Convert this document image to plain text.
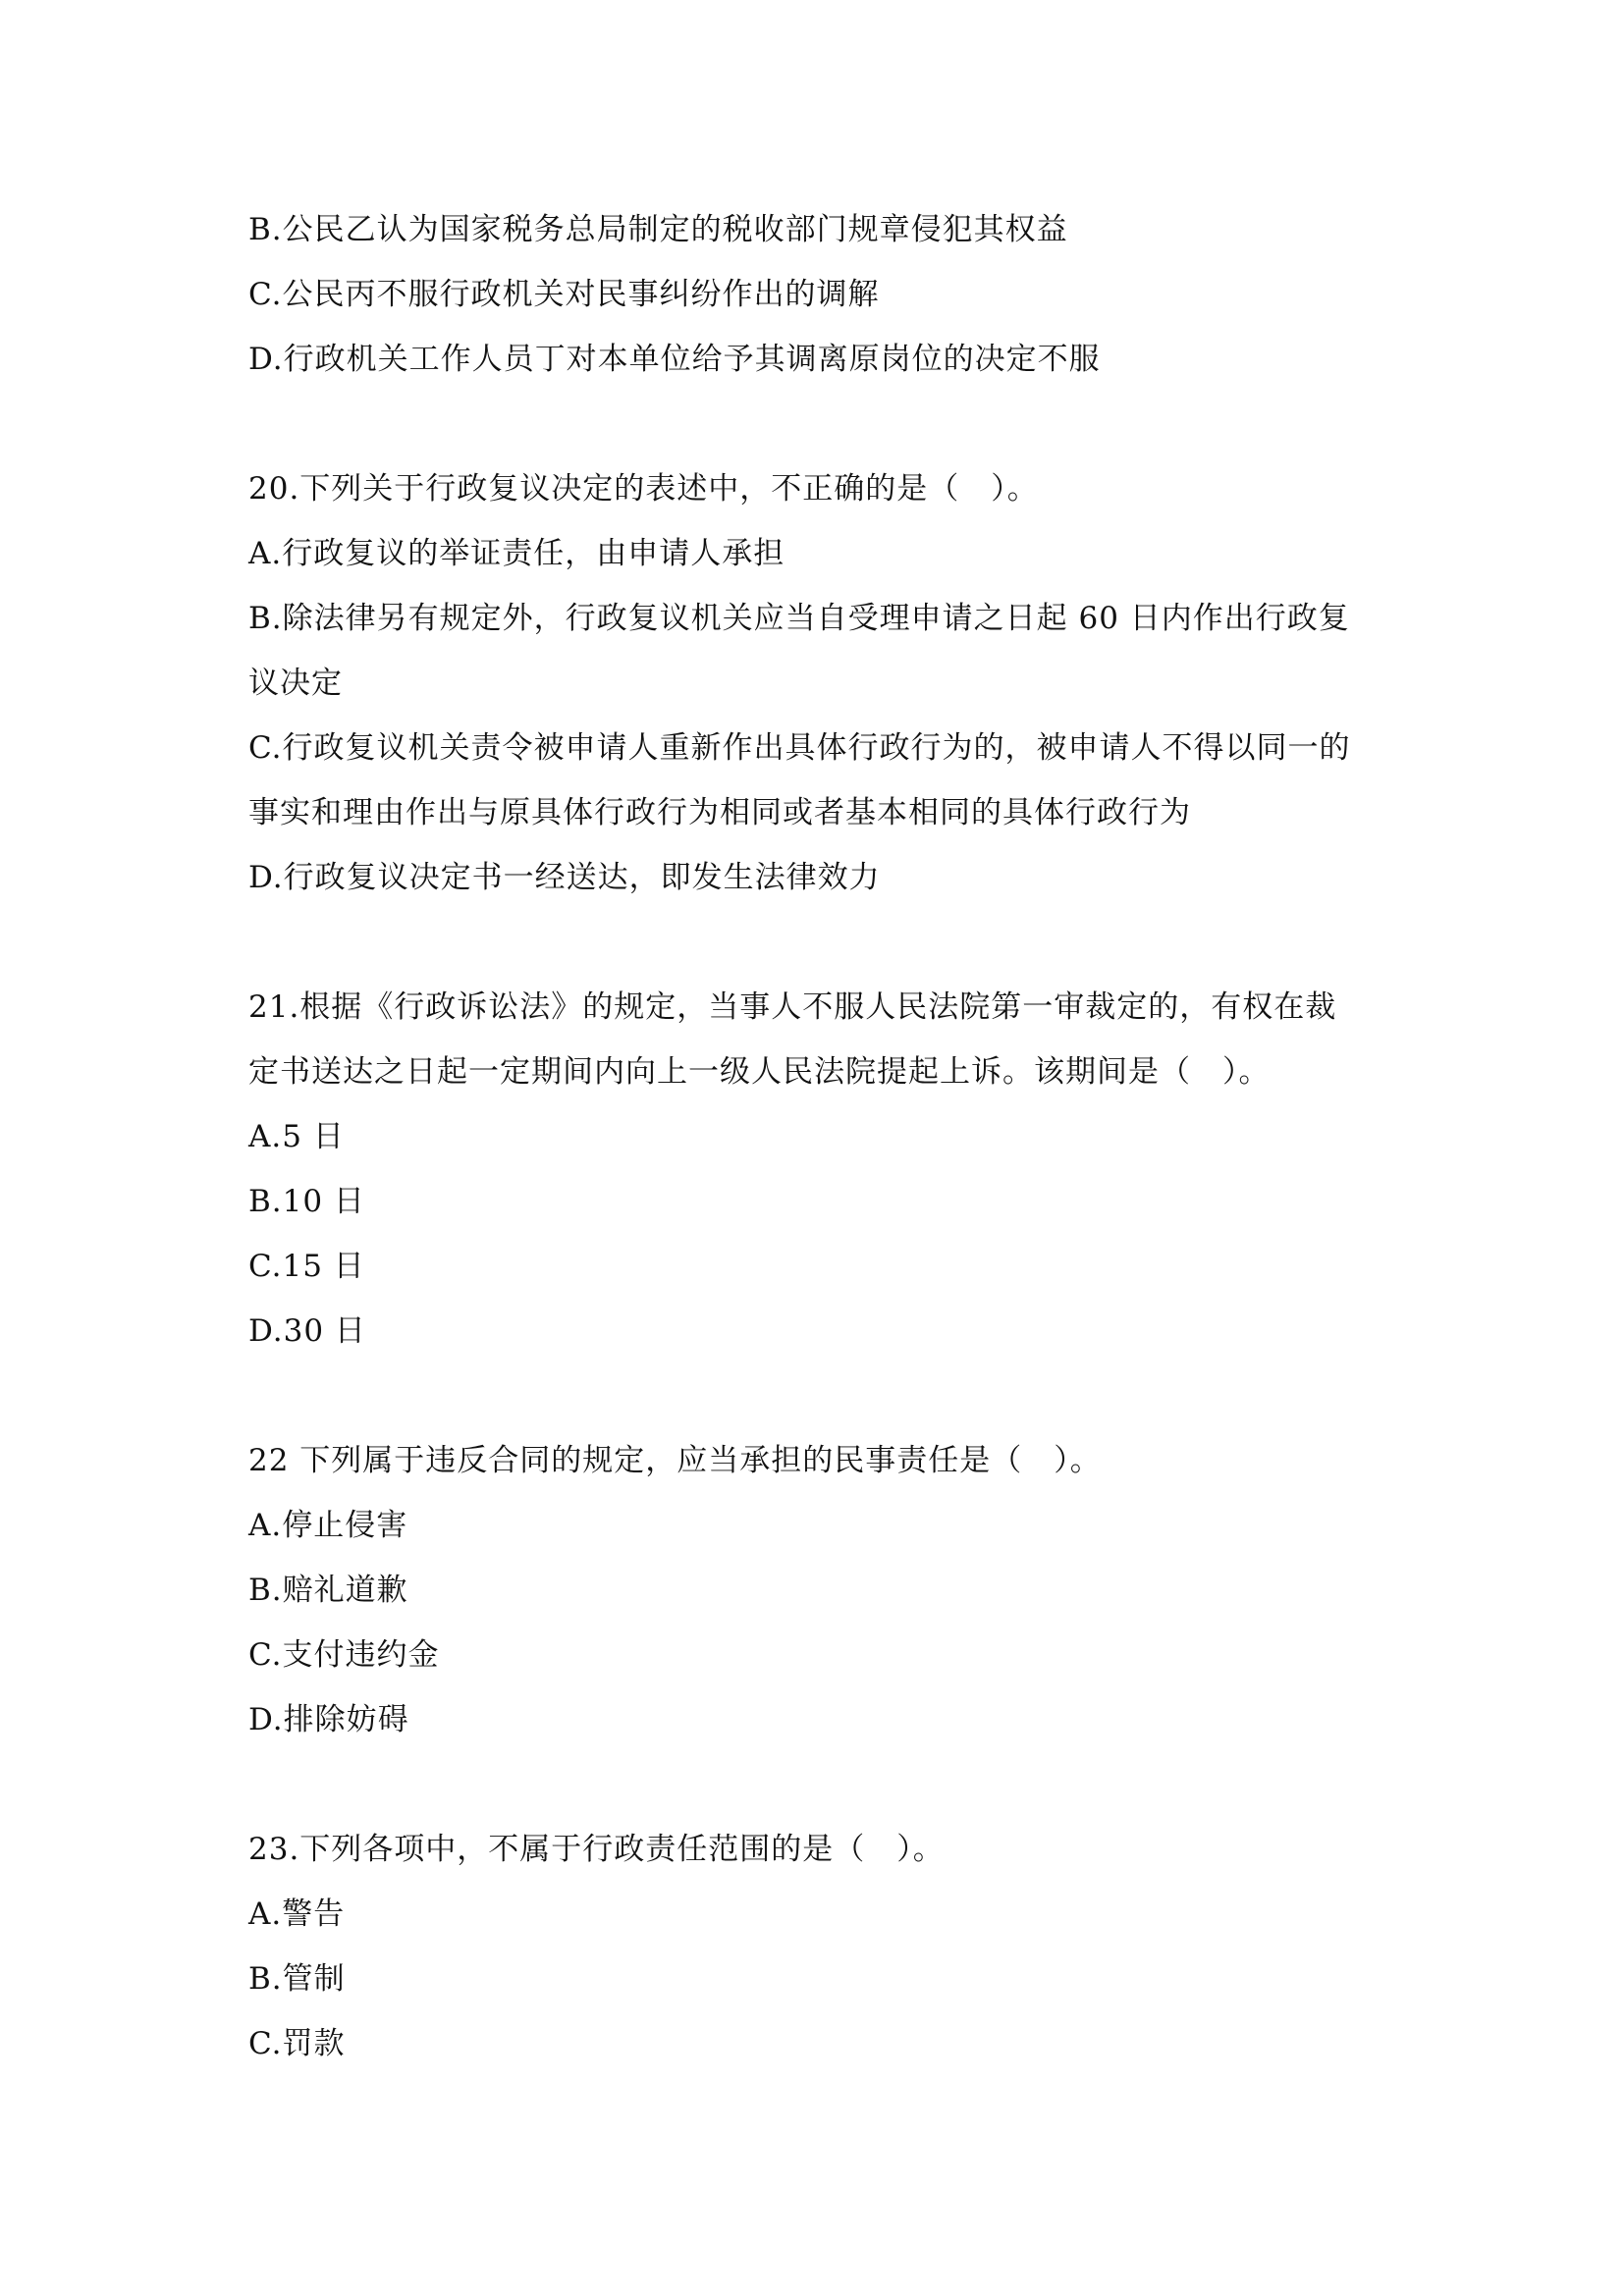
B.公民乙认为国家税务总局制定的税收部门规章侵犯其权益
C.公民丙不服行政机关对民事纠纷作出的调解
D.行政机关工作人员丁对本单位给予其调离原岗位的决定不服
20.下列关于行政复议决定的表述中，不正确的是（　）。
A.行政复议的举证责任，由申请人承担
B.除法律另有规定外，行政复议机关应当自受理申请之日起 60 日内作出行政复
议决定
C.行政复议机关责令被申请人重新作出具体行政行为的，被申请人不得以同一的
事实和理由作出与原具体行政行为相同或者基本相同的具体行政行为
D.行政复议决定书一经送达，即发生法律效力
21.根据《行政诉讼法》的规定，当事人不服人民法院第一审裁定的，有权在裁
定书送达之日起一定期间内向上一级人民法院提起上诉。该期间是（　）。
A.5 日
B.10 日
C.15 日
D.30 日
22 下列属于违反合同的规定，应当承担的民事责任是（　）。
A.停止侵害
B.赔礼道歉
C.支付违约金
D.排除妨碍
23.下列各项中，不属于行政责任范围的是（　）。
A.警告
B.管制
C.罚款
